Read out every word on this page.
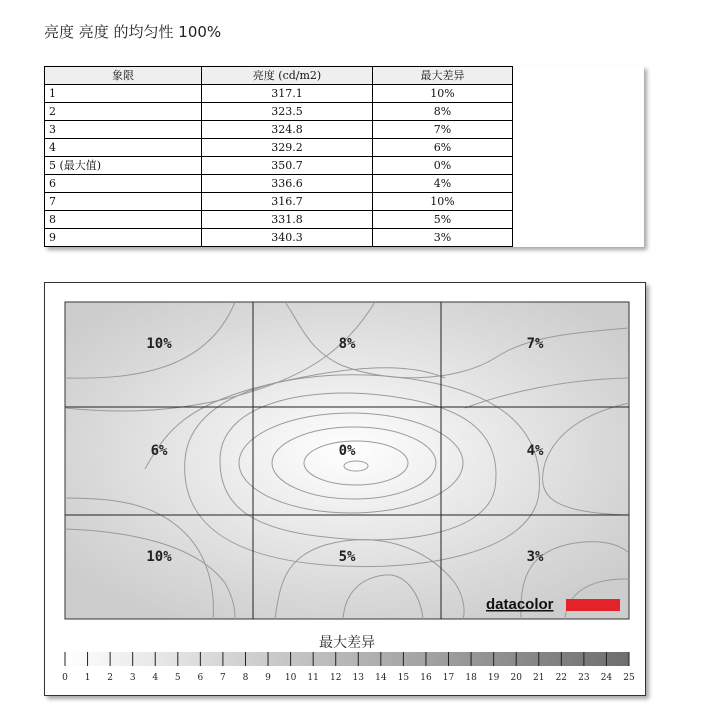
亮度 亮度 的均匀性 100%
象限	亮度 (cd/m2)	最大差异
1	317.1	10%
2	323.5	8%
3	324.8	7%
4	329.2	6%
5 (最大值)	350.7	0%
6	336.6	4%
7	316.7	10%
8	331.8	5%
9	340.3	3%
10%	8%	7%
6%	0%	4%
10%	5%	3%
datacolor
最大差异
0 1 2 3 4 5 6 7 8 9 10 11 12 13 14 15 16 17 18 19 20 21 22 23 24 25
